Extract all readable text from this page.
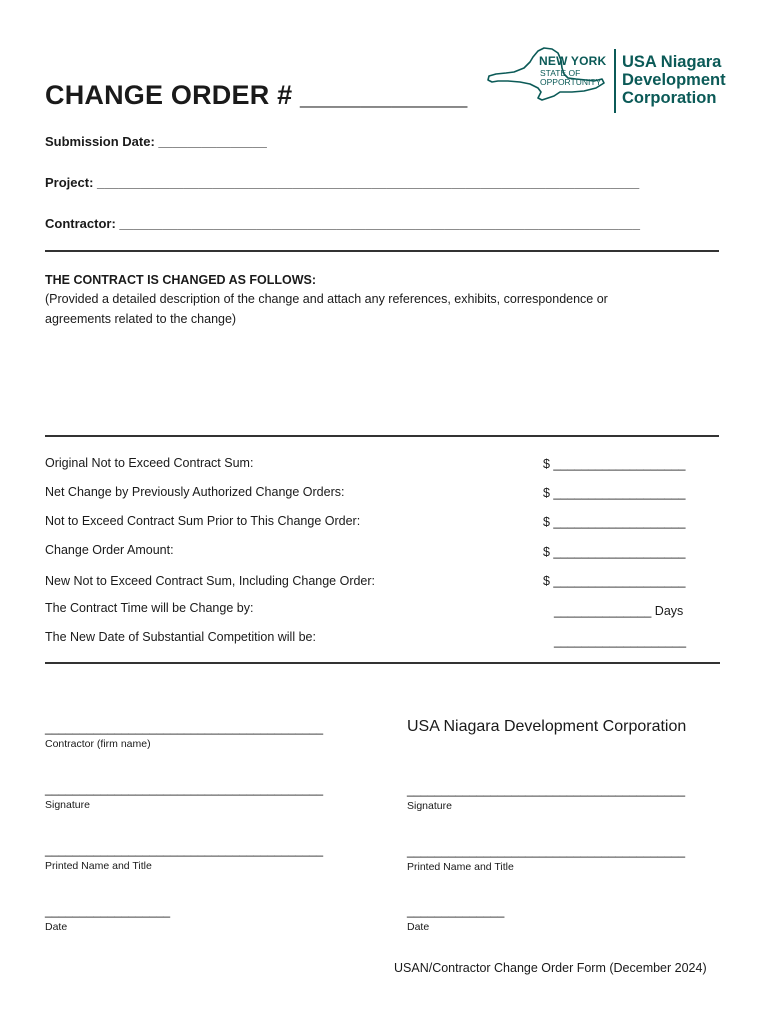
NEW YORK
STATE OF
OPPORTUNITY.
USA Niagara
Development
Corporation
CHANGE ORDER # ___________
Submission Date: _______________
Project: ___________________________________________________________________________
Contractor: ________________________________________________________________________
THE CONTRACT IS CHANGED AS FOLLOWS:
(Provided a detailed description of the change and attach any references, exhibits, correspondence or
agreements related to the change)
Original Not to Exceed Contract Sum:	$ ___________________
Net Change by Previously Authorized Change Orders:	$ ___________________
Not to Exceed Contract Sum Prior to This Change Order:	$ ___________________
Change Order Amount:	$ ___________________
New Not to Exceed Contract Sum, Including Change Order:	$ ___________________
The Contract Time will be Change by:	______________ Days
The New Date of Substantial Competition will be:	___________________
________________________________________
Contractor (firm name)
________________________________________
Signature
________________________________________
Printed Name and Title
__________________
Date
USA Niagara Development Corporation
________________________________________
Signature
________________________________________
Printed Name and Title
______________
Date
USAN/Contractor Change Order Form (December 2024)
